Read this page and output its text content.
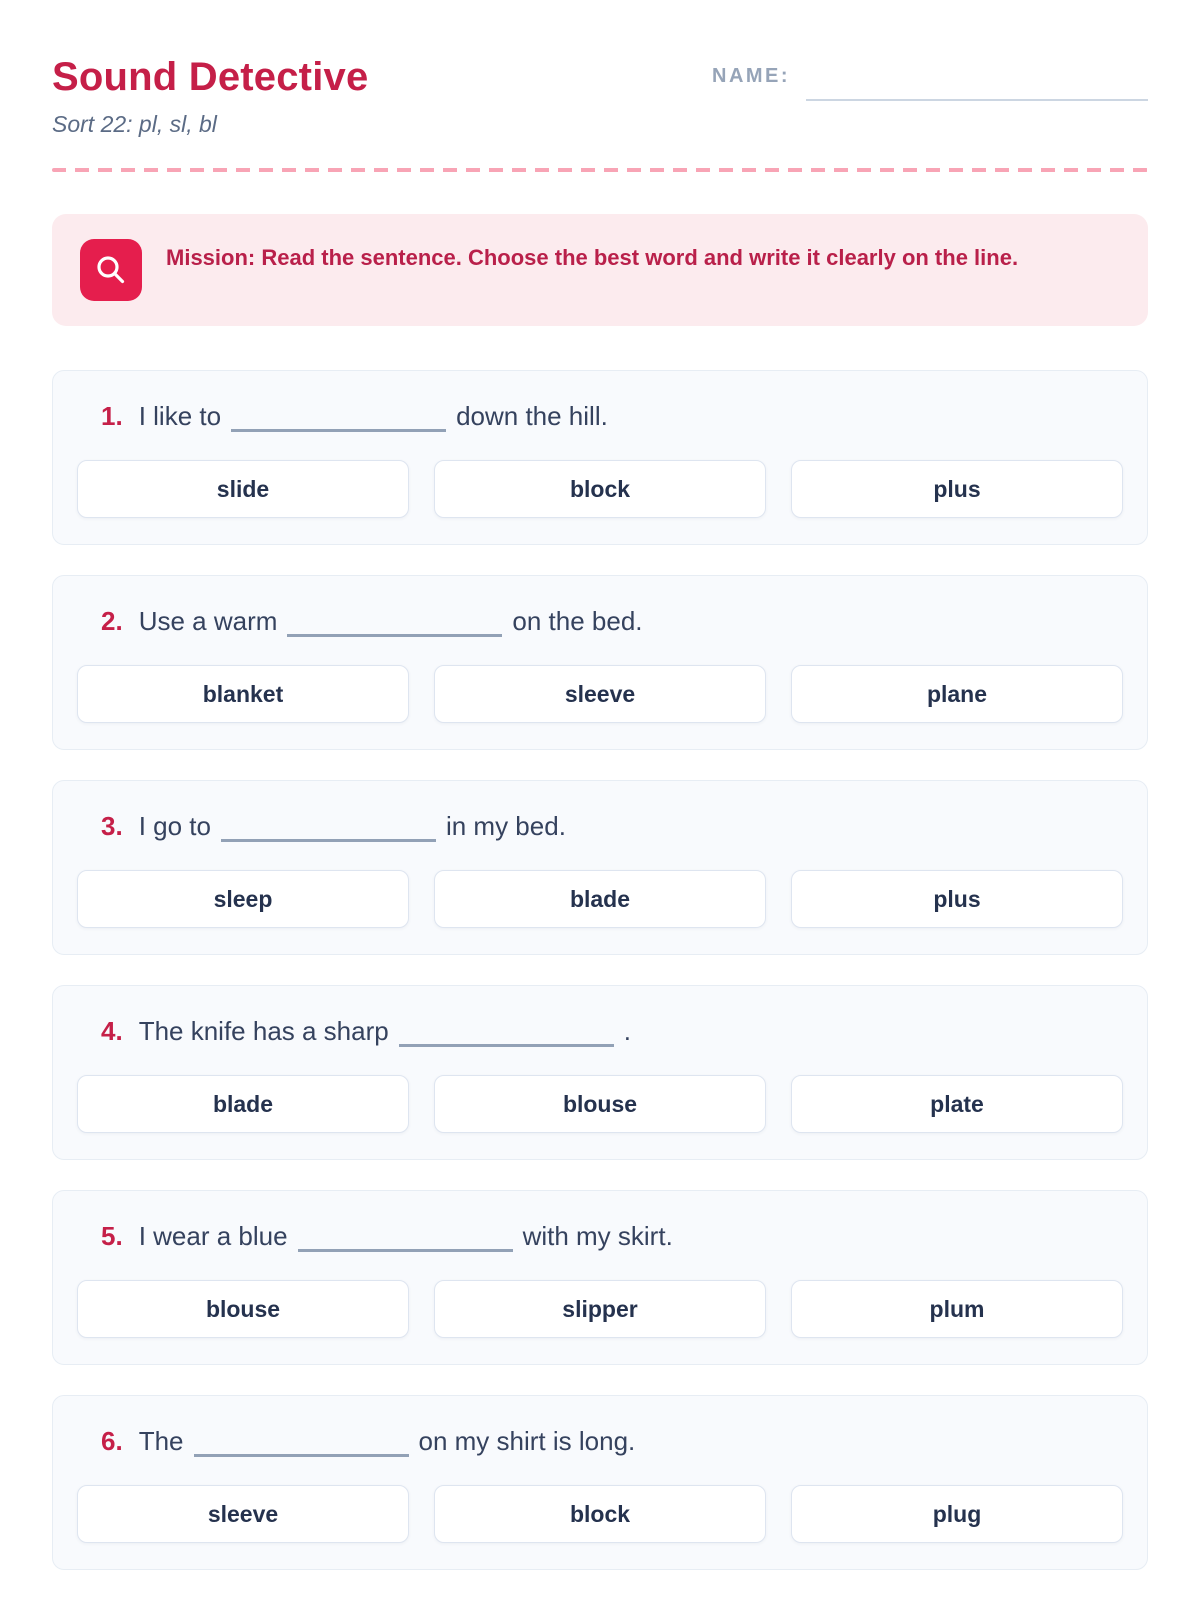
Sound Detective
Sort 22: pl, sl, bl
NAME:

Mission: Read the sentence. Choose the best word and write it clearly on the line.

1. I like to	down the hill.
slide	block	plus
2. Use a warm	on the bed.
blanket	sleeve	plane
3. I go to	in my bed.
sleep	blade	plus
4. The knife has a sharp	.
blade	blouse	plate
5. I wear a blue	with my skirt.
blouse	slipper	plum
6. The	on my shirt is long.
sleeve	block	plug
